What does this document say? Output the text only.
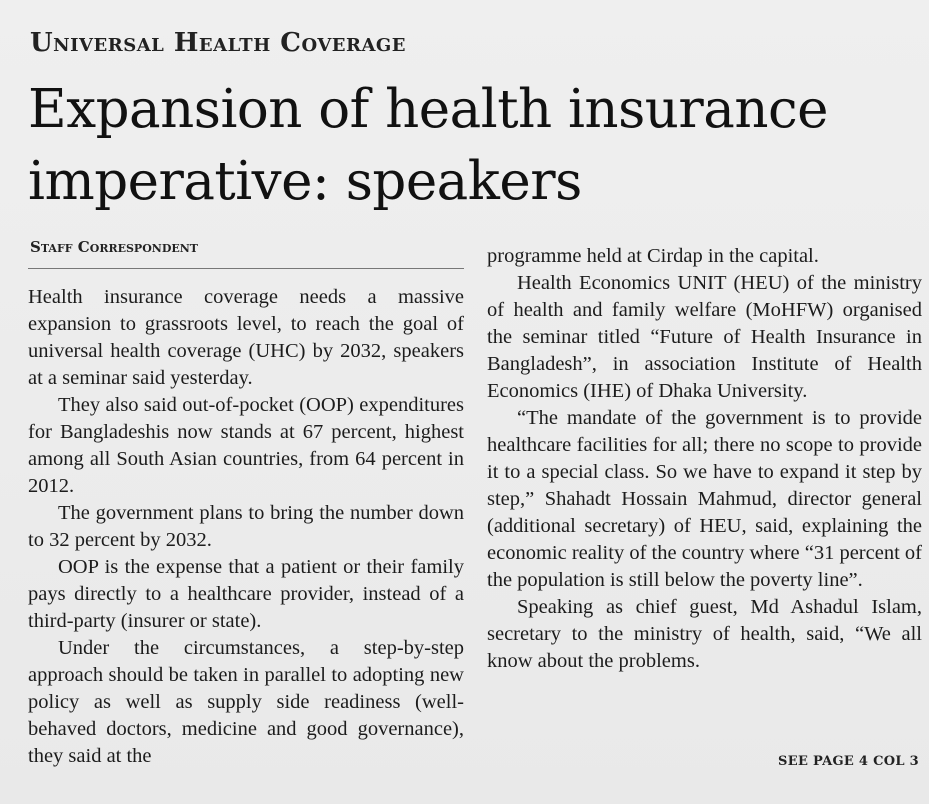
Universal Health Coverage
Expansion of health insurance imperative: speakers
Staff Correspondent

Health insurance coverage needs a massive expansion to grassroots level, to reach the goal of universal health coverage (UHC) by 2032, speakers at a seminar said yesterday.

They also said out-of-pocket (OOP) expenditures for Bangladeshis now stands at 67 percent, highest among all South Asian countries, from 64 percent in 2012.

The government plans to bring the number down to 32 percent by 2032.

OOP is the expense that a patient or their family pays directly to a healthcare provider, instead of a third-party (insurer or state).

Under the circumstances, a step-by-step approach should be taken in parallel to adopting new policy as well as supply side readiness (well-behaved doctors, medicine and good governance), they said at the

programme held at Cirdap in the capital.

Health Economics UNIT (HEU) of the ministry of health and family welfare (MoHFW) organised the seminar titled “Future of Health Insurance in Bangladesh”, in association Institute of Health Economics (IHE) of Dhaka University.

“The mandate of the government is to provide healthcare facilities for all; there no scope to provide it to a special class. So we have to expand it step by step,” Shahadt Hossain Mahmud, director general (additional secretary) of HEU, said, explaining the economic reality of the country where “31 percent of the population is still below the poverty line”.

Speaking as chief guest, Md Ashadul Islam, secretary to the ministry of health, said, “We all know about the problems.

SEE PAGE 4 COL 3
